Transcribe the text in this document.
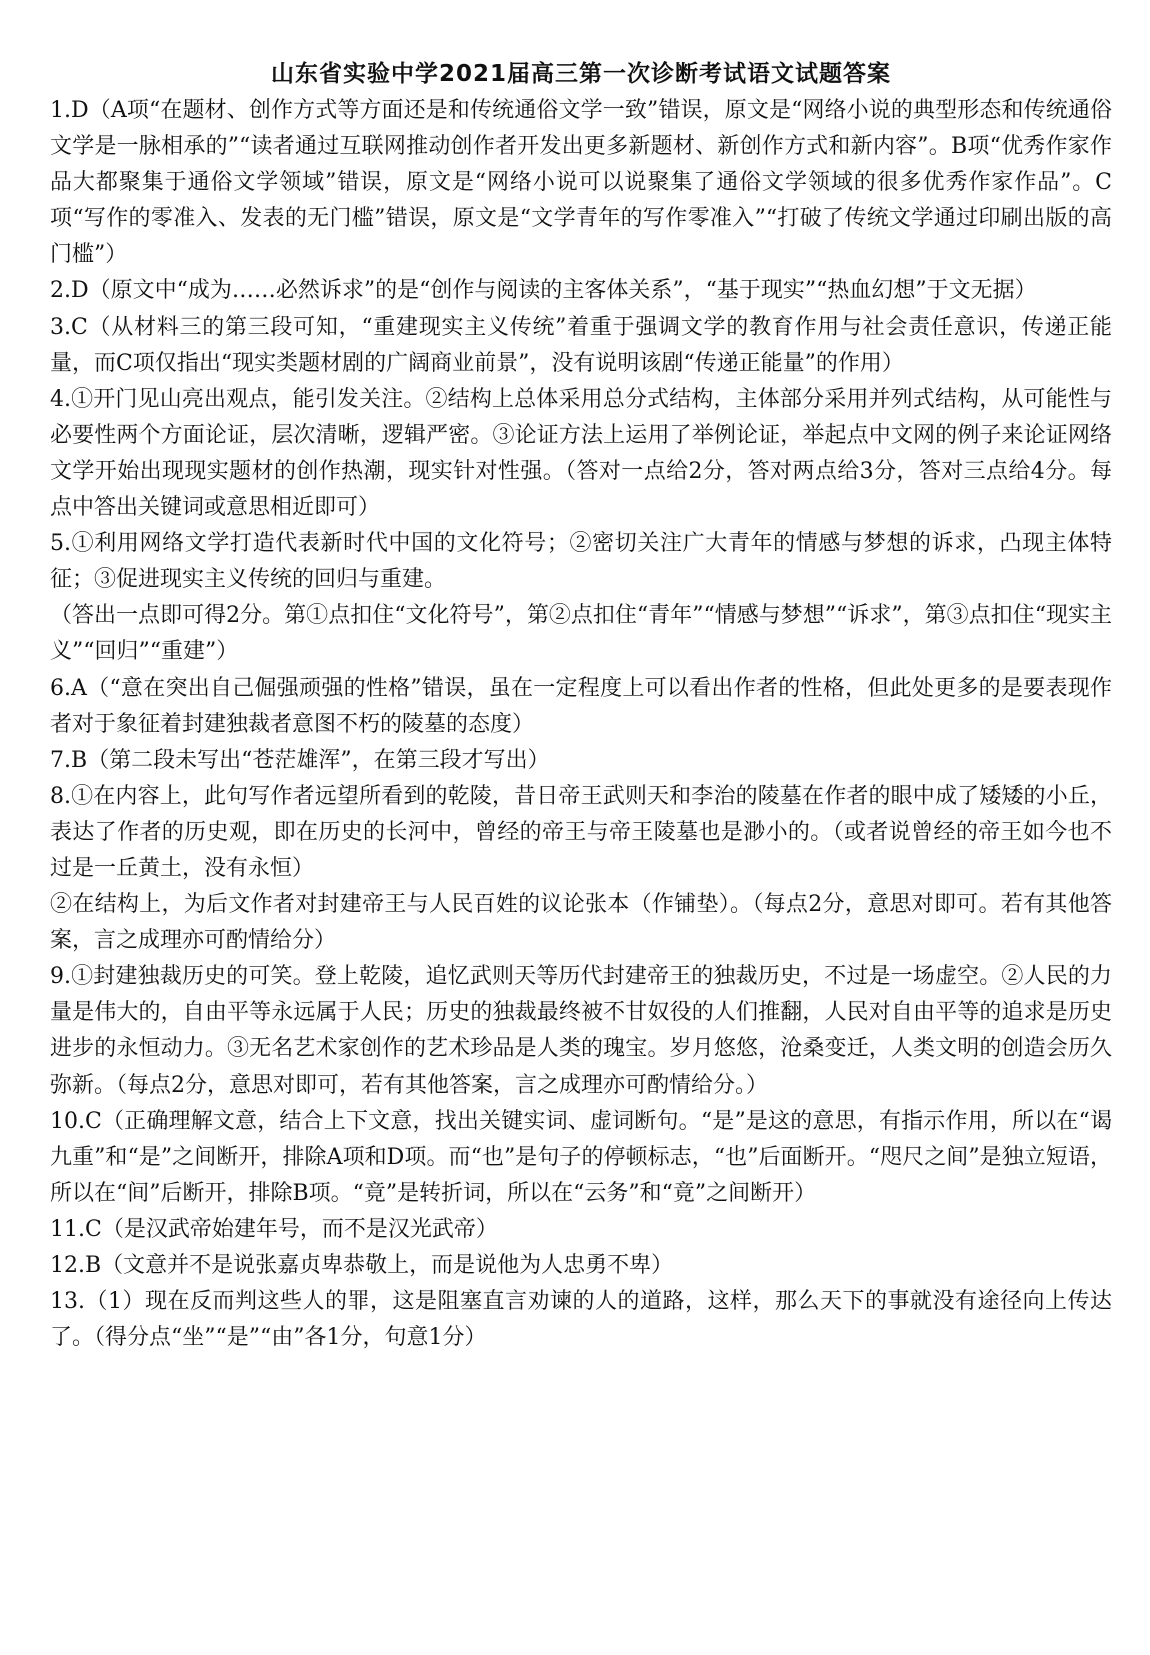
山东省实验中学2021届高三第一次诊断考试语文试题答案

1.D（A项“在题材、创作方式等方面还是和传统通俗文学一致”错误，原文是“网络小说的典型形态和传统通俗文学是一脉相承的”“读者通过互联网推动创作者开发出更多新题材、新创作方式和新内容”。B项“优秀作家作品大都聚集于通俗文学领域”错误，原文是“网络小说可以说聚集了通俗文学领域的很多优秀作家作品”。C项“写作的零准入、发表的无门槛”错误，原文是“文学青年的写作零准入”“打破了传统文学通过印刷出版的高门槛”）

2.D（原文中“成为……必然诉求”的是“创作与阅读的主客体关系”，“基于现实”“热血幻想”于文无据）

3.C（从材料三的第三段可知，“重建现实主义传统”着重于强调文学的教育作用与社会责任意识，传递正能量，而C项仅指出“现实类题材剧的广阔商业前景”，没有说明该剧“传递正能量”的作用）

4.①开门见山亮出观点，能引发关注。②结构上总体采用总分式结构，主体部分采用并列式结构，从可能性与必要性两个方面论证，层次清晰，逻辑严密。③论证方法上运用了举例论证，举起点中文网的例子来论证网络文学开始出现现实题材的创作热潮，现实针对性强。（答对一点给2分，答对两点给3分，答对三点给4分。每点中答出关键词或意思相近即可）

5.①利用网络文学打造代表新时代中国的文化符号；②密切关注广大青年的情感与梦想的诉求，凸现主体特征；③促进现实主义传统的回归与重建。

（答出一点即可得2分。第①点扣住“文化符号”，第②点扣住“青年”“情感与梦想”“诉求”，第③点扣住“现实主义”“回归”“重建”）

6.A（“意在突出自己倔强顽强的性格”错误，虽在一定程度上可以看出作者的性格，但此处更多的是要表现作者对于象征着封建独裁者意图不朽的陵墓的态度）

7.B（第二段未写出“苍茫雄浑”，在第三段才写出）

8.①在内容上，此句写作者远望所看到的乾陵，昔日帝王武则天和李治的陵墓在作者的眼中成了矮矮的小丘，表达了作者的历史观，即在历史的长河中，曾经的帝王与帝王陵墓也是渺小的。（或者说曾经的帝王如今也不过是一丘黄土，没有永恒）

②在结构上，为后文作者对封建帝王与人民百姓的议论张本（作铺垫）。（每点2分，意思对即可。若有其他答案，言之成理亦可酌情给分）

9.①封建独裁历史的可笑。登上乾陵，追忆武则天等历代封建帝王的独裁历史，不过是一场虚空。②人民的力量是伟大的，自由平等永远属于人民；历史的独裁最终被不甘奴役的人们推翻，人民对自由平等的追求是历史进步的永恒动力。③无名艺术家创作的艺术珍品是人类的瑰宝。岁月悠悠，沧桑变迁，人类文明的创造会历久弥新。（每点2分，意思对即可，若有其他答案，言之成理亦可酌情给分。）

10.C（正确理解文意，结合上下文意，找出关键实词、虚词断句。“是”是这的意思，有指示作用，所以在“谒九重”和“是”之间断开，排除A项和D项。而“也”是句子的停顿标志，“也”后面断开。“咫尺之间”是独立短语，所以在“间”后断开，排除B项。“竟”是转折词，所以在“云务”和“竟”之间断开）

11.C（是汉武帝始建年号，而不是汉光武帝）

12.B（文意并不是说张嘉贞卑恭敬上，而是说他为人忠勇不卑）

13.（1）现在反而判这些人的罪，这是阻塞直言劝谏的人的道路，这样，那么天下的事就没有途径向上传达了。（得分点“坐”“是”“由”各1分，句意1分）
